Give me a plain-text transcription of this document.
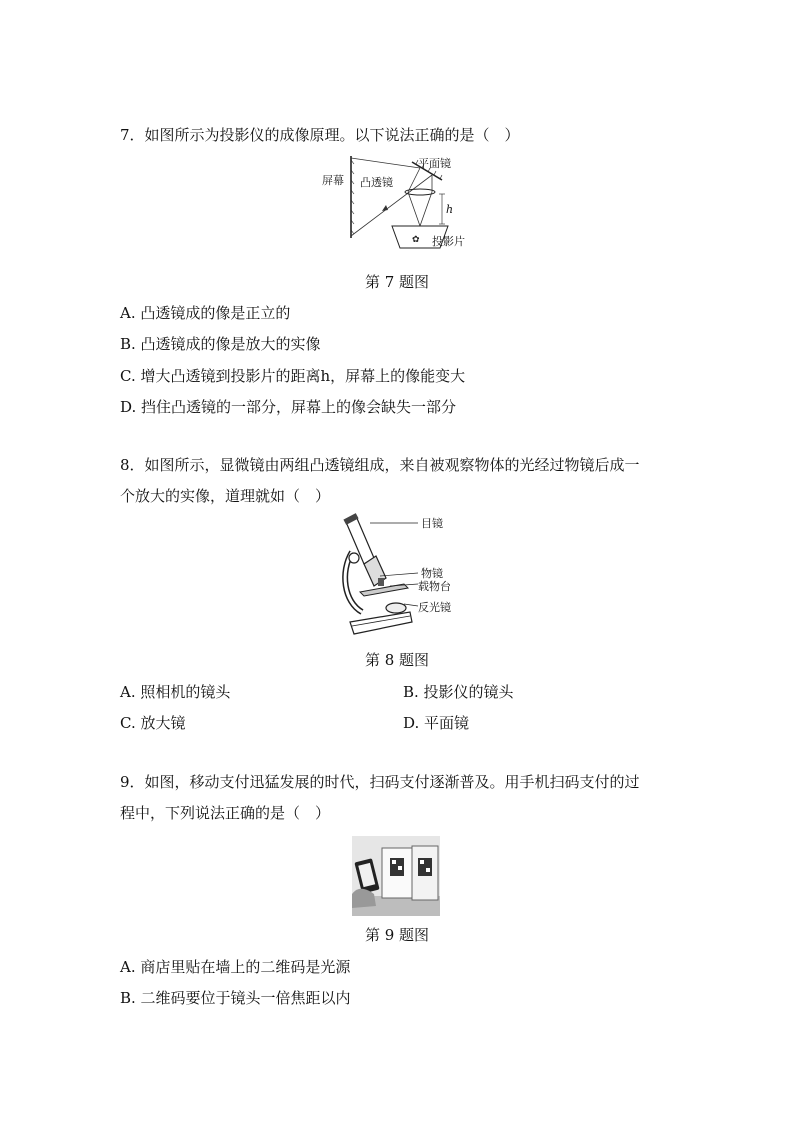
7．如图所示为投影仪的成像原理。以下说法正确的是（　）
✿
屏幕 凸透镜
平面镜
h
投影片
第 7 题图
A. 凸透镜成的像是正立的
B. 凸透镜成的像是放大的实像
C. 增大凸透镜到投影片的距离h，屏幕上的像能变大
D. 挡住凸透镜的一部分，屏幕上的像会缺失一部分
8．如图所示，显微镜由两组凸透镜组成，来自被观察物体的光经过物镜后成一
个放大的实像，道理就如（　）
目镜
物镜
载物台
反光镜
第 8 题图
A. 照相机的镜头	B. 投影仪的镜头
C. 放大镜	D. 平面镜
9．如图，移动支付迅猛发展的时代，扫码支付逐渐普及。用手机扫码支付的过
程中，下列说法正确的是（　）
第 9 题图
A. 商店里贴在墙上的二维码是光源
B. 二维码要位于镜头一倍焦距以内
